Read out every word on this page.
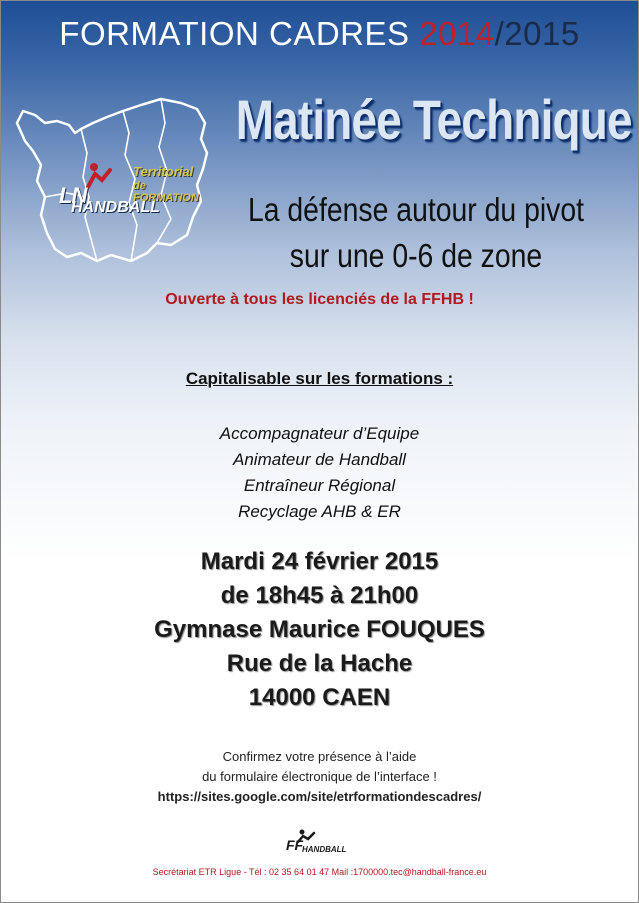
FORMATION CADRES 2014/2015
Territorial
de FORMATION
LN
HANDBALL
Matinée Technique
La défense autour du pivot
sur une 0-6 de zone
Ouverte à tous les licenciés de la FFHB !
Capitalisable sur les formations :
Accompagnateur d’Equipe
Animateur de Handball
Entraîneur Régional
Recyclage AHB & ER
Mardi 24 février 2015
de 18h45 à 21h00
Gymnase Maurice FOUQUES
Rue de la Hache
14000 CAEN
Confirmez votre présence à l’aide
du formulaire électronique de l’interface !
https://sites.google.com/site/etrformationdescadres/
FF
HANDBALL
Secrétariat ETR Ligue - Tél : 02 35 64 01 47 Mail :1700000.tec@handball-france.eu
